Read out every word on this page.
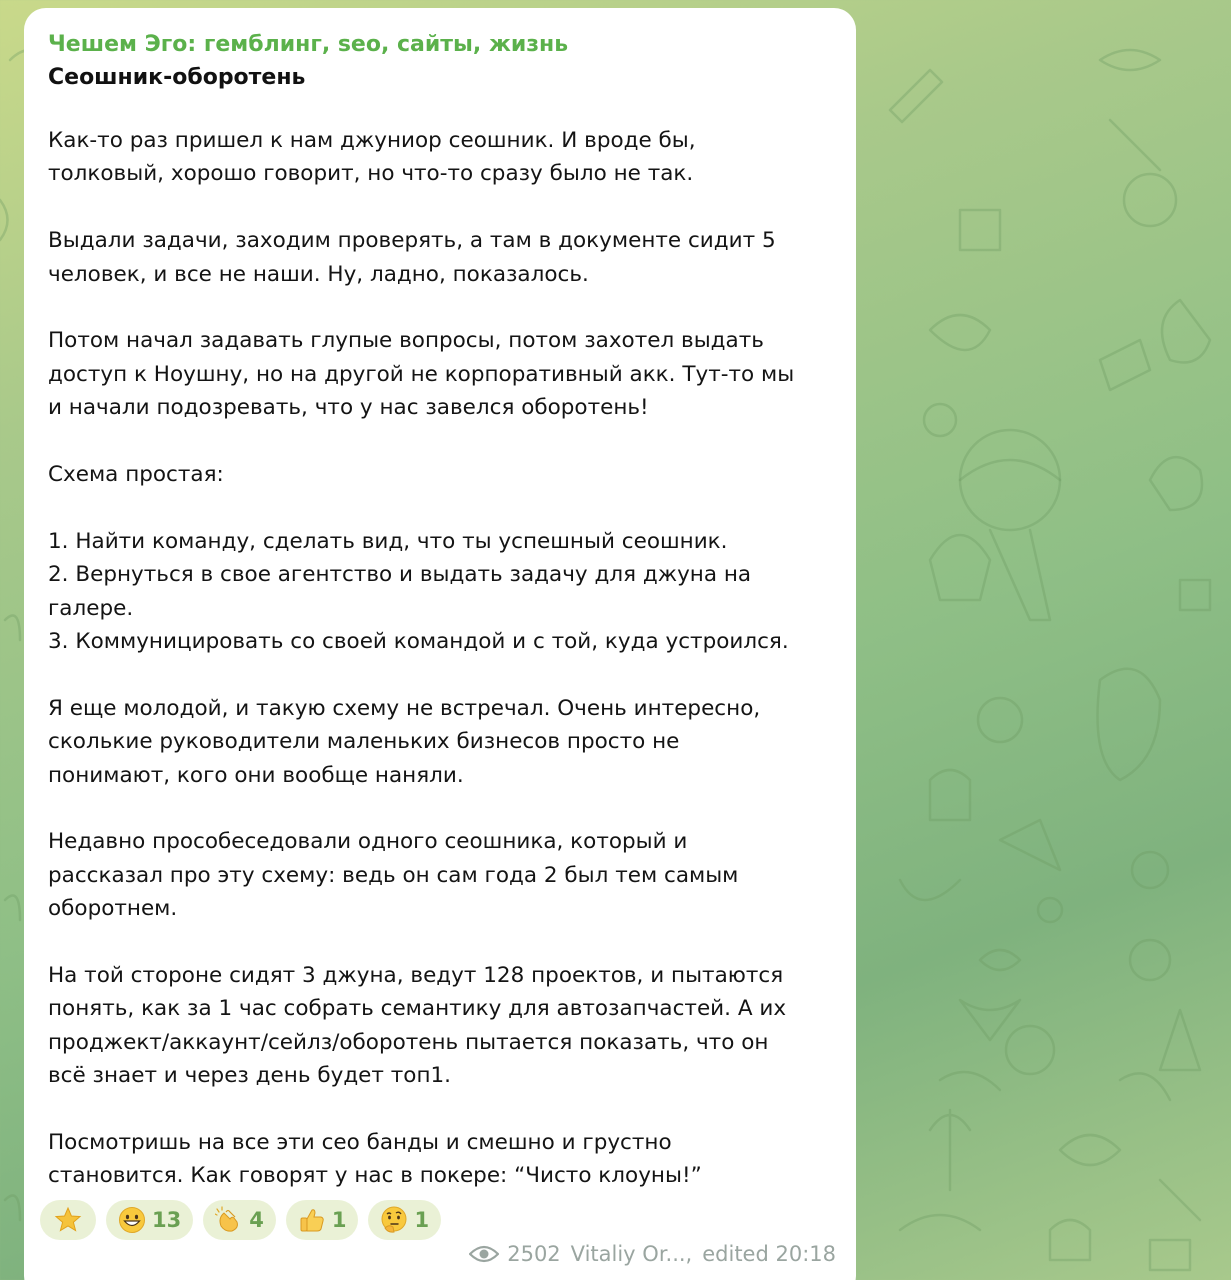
Чешем Эго: гемблинг, seo, сайты, жизнь
Сеошник-оборотень
Как-то раз пришел к нам джуниор сеошник. И вроде бы,
толковый, хорошо говорит, но что-то сразу было не так.
Выдали задачи, заходим проверять, а там в документе сидит 5
человек, и все не наши. Ну, ладно, показалось.
Потом начал задавать глупые вопросы, потом захотел выдать
доступ к Ноушну, но на другой не корпоративный акк. Тут-то мы
и начали подозревать, что у нас завелся оборотень!
Схема простая:
1. Найти команду, сделать вид, что ты успешный сеошник.
2. Вернуться в свое агентство и выдать задачу для джуна на
галере.
3. Коммуницировать со своей командой и с той, куда устроился.
Я еще молодой, и такую схему не встречал. Очень интересно,
сколькие руководители маленьких бизнесов просто не
понимают, кого они вообще наняли.
Недавно прособеседовали одного сеошника, который и
рассказал про эту схему: ведь он сам года 2 был тем самым
оборотнем.
На той стороне сидят 3 джуна, ведут 128 проектов, и пытаются
понять, как за 1 час собрать семантику для автозапчастей. А их
проджект/аккаунт/сейлз/оборотень пытается показать, что он
всё знает и через день будет топ1.
Посмотришь на все эти сео банды и смешно и грустно
становится. Как говорят у нас в покере: “Чисто клоуны!”
13	4	1	1
2502 Vitaliy Or..., edited 20:18
